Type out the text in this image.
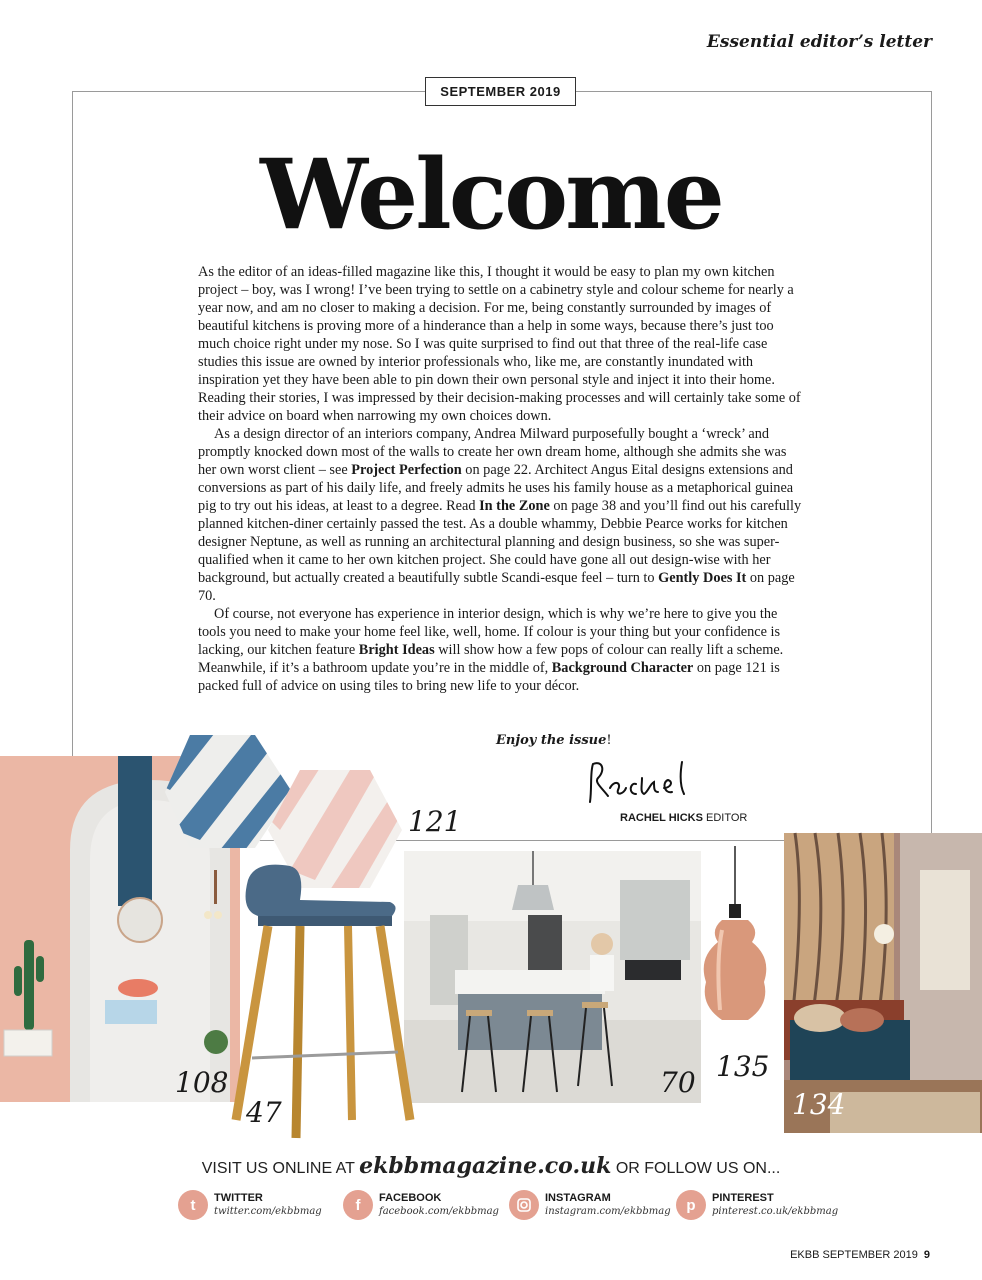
Essential editor’s letter
SEPTEMBER 2019
Welcome

As the editor of an ideas-filled magazine like this, I thought it would be easy to plan my own kitchen project – boy, was I wrong! I’ve been trying to settle on a cabinetry style and colour scheme for nearly a year now, and am no closer to making a decision. For me, being constantly surrounded by images of beautiful kitchens is proving more of a hinderance than a help in some ways, because there’s just too much choice right under my nose. So I was quite surprised to find out that three of the real-life case studies this issue are owned by interior professionals who, like me, are constantly inundated with inspiration yet they have been able to pin down their own personal style and inject it into their home. Reading their stories, I was impressed by their decision-making processes and will certainly take some of their advice on board when narrowing my own choices down.

As a design director of an interiors company, Andrea Milward purposefully bought a ‘wreck’ and promptly knocked down most of the walls to create her own dream home, although she admits she was her own worst client – see Project Perfection on page 22. Architect Angus Eital designs extensions and conversions as part of his daily life, and freely admits he uses his family house as a metaphorical guinea pig to try out his ideas, at least to a degree. Read In the Zone on page 38 and you’ll find out his carefully planned kitchen-diner certainly passed the test. As a double whammy, Debbie Pearce works for kitchen designer Neptune, as well as running an architectural planning and design business, so she was super-qualified when it came to her own kitchen project. She could have gone all out design-wise with her background, but actually created a beautifully subtle Scandi-esque feel – turn to Gently Does It on page 70.

Of course, not everyone has experience in interior design, which is why we’re here to give you the tools you need to make your home feel like, well, home. If colour is your thing but your confidence is lacking, our kitchen feature Bright Ideas will show how a few pops of colour can really lift a scheme. Meanwhile, if it’s a bathroom update you’re in the middle of, Background Character on page 121 is packed full of advice on using tiles to bring new life to your décor.

Enjoy the issue!
RACHEL HICKS EDITOR
108
47
121
70 135
134
VISIT US ONLINE AT ekbbmagazine.co.uk OR FOLLOW US ON...
t	TWITTER
twitter.com/ekbbmag	f	FACEBOOK
facebook.com/ekbbmag
INSTAGRAM
instagram.com/ekbbmag	p	PINTEREST
pinterest.co.uk/ekbbmag
EKBB SEPTEMBER 2019 9
